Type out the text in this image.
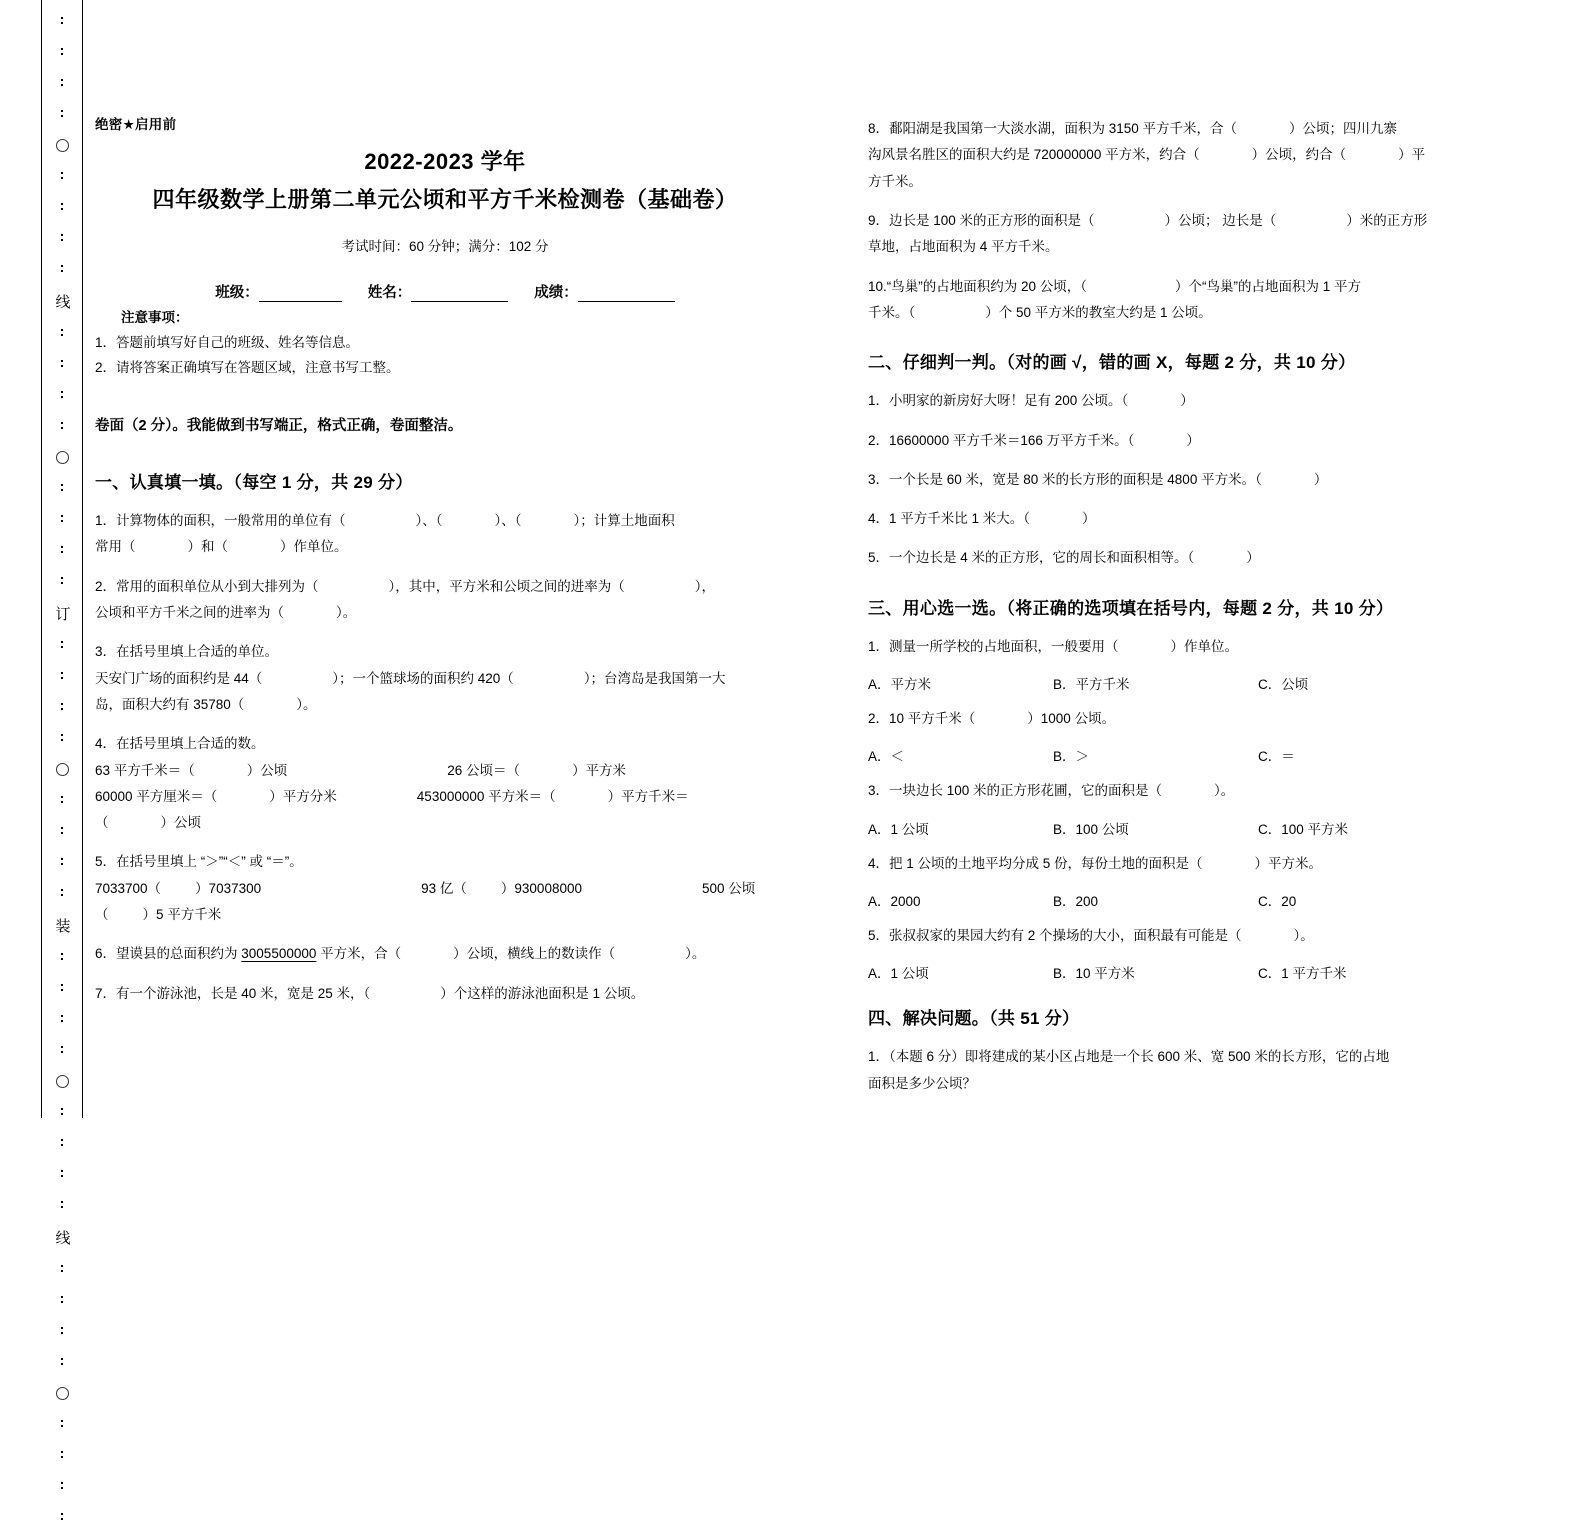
线
订
装
线
绝密★启用前
2022-2023 学年
四年级数学上册第二单元公顷和平方千米检测卷（基础卷）
考试时间：60 分钟；满分：102 分
班级：	姓名：	成绩：
注意事项：
1．答题前填写好自己的班级、姓名等信息。
2．请将答案正确填写在答题区域，注意书写工整。
卷面（2 分）。我能做到书写端正，格式正确，卷面整洁。
一、认真填一填。（每空 1 分，共 29 分）
1．计算物体的面积，一般常用的单位有（	）、（	）、（	）；计算土地面积
常用（	）和（	）作单位。
2．常用的面积单位从小到大排列为（	），其中，平方米和公顷之间的进率为（	），
公顷和平方千米之间的进率为（	）。
3．在括号里填上合适的单位。
天安门广场的面积约是 44（	）；一个篮球场的面积约 420（	）；台湾岛是我国第一大
岛，面积大约有 35780（	）。
4．在括号里填上合适的数。
63 平方千米＝（	）公顷	26 公顷＝（	）平方米
60000 平方厘米＝（	）平方分米	453000000 平方米＝（	）平方千米＝
（	）公顷
5．在括号里填上 “＞”“＜” 或 “＝”。
7033700（	）7037300	93 亿（	）930008000	500 公顷
（	）5 平方千米
6．望谟县的总面积约为 3005500000 平方米，合（	）公顷，横线上的数读作（	）。
7．有一个游泳池，长是 40 米，宽是 25 米，（	）个这样的游泳池面积是 1 公顷。
8．鄱阳湖是我国第一大淡水湖，面积为 3150 平方千米，合（	）公顷；四川九寨
沟风景名胜区的面积大约是 720000000 平方米，约合（	）公顷，约合（	）平
方千米。
9．边长是 100 米的正方形的面积是（	）公顷； 边长是（	）米的正方形
草地，占地面积为 4 平方千米。
10.“鸟巢”的占地面积约为 20 公顷，（	）个“鸟巢”的占地面积为 1 平方
千米。（	）个 50 平方米的教室大约是 1 公顷。
二、仔细判一判。（对的画 √，错的画 X，每题 2 分，共 10 分）
1．小明家的新房好大呀！足有 200 公顷。（	）
2．16600000 平方千米＝166 万平方千米。（	）
3．一个长是 60 米，宽是 80 米的长方形的面积是 4800 平方米。（	）
4．1 平方千米比 1 米大。（	）
5．一个边长是 4 米的正方形，它的周长和面积相等。（	）
三、用心选一选。（将正确的选项填在括号内，每题 2 分，共 10 分）
1．测量一所学校的占地面积，一般要用（	）作单位。
A．平方米	B．平方千米	C．公顷
2．10 平方千米（	）1000 公顷。
A．＜	B．＞	C．＝
3．一块边长 100 米的正方形花圃，它的面积是（	）。
A．1 公顷	B．100 公顷	C．100 平方米
4．把 1 公顷的土地平均分成 5 份，每份土地的面积是（	）平方米。
A．2000	B．200	C．20
5．张叔叔家的果园大约有 2 个操场的大小，面积最有可能是（	）。
A．1 公顷	B．10 平方米	C．1 平方千米
四、解决问题。（共 51 分）
1．（本题 6 分）即将建成的某小区占地是一个长 600 米、宽 500 米的长方形，它的占地
面积是多少公顷？
